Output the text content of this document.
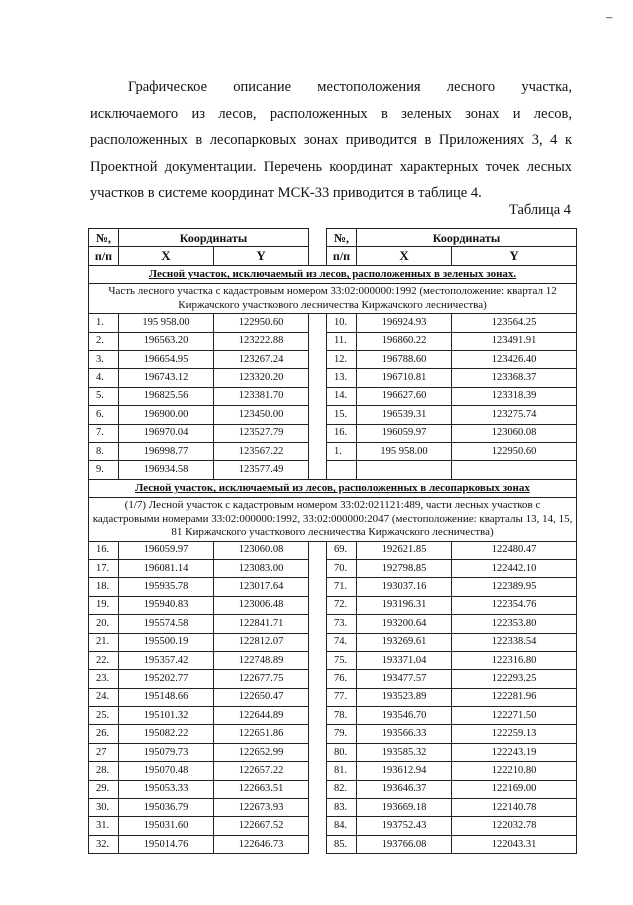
–

Графическое описание местоположения лесного участка, исключаемого из лесов, расположенных в зеленых зонах и лесов, расположенных в лесопарковых зонах приводится в Приложениях 3, 4 к Проектной документации. Перечень координат характерных точек лесных участков в системе координат МСК-33 приводится в таблице 4.

Таблица 4
№,	Координаты			№,	Координаты	
п/п	X	Y		п/п	X	Y
Лесной участок, исключаемый из лесов, расположенных в зеленых зонах.						
Часть лесного участка с кадастровым номером 33:02:000000:1992 (местоположение: квартал 12 Киржачского участкового лесничества Киржачского лесничества)						
1.	195 958.00	122950.60		10.	196924.93	123564.25
2.	196563.20	123222.88		11.	196860.22	123491.91
3.	196654.95	123267.24		12.	196788.60	123426.40
4.	196743.12	123320.20		13.	196710.81	123368.37
5.	196825.56	123381.70		14.	196627.60	123318.39
6.	196900.00	123450.00		15.	196539.31	123275.74
7.	196970.04	123527.79		16.	196059.97	123060.08
8.	196998.77	123567.22		1.	195 958.00	122950.60
9.	196934.58	123577.49				
Лесной участок, исключаемый из лесов, расположенных в лесопарковых зонах						
(1/7) Лесной участок с кадастровым номером 33:02:021121:489, части лесных участков с кадастровыми номерами 33:02:000000:1992, 33:02:000000:2047 (местоположение: кварталы 13, 14, 15, 81 Киржачского участкового лесничества Киржачского лесничества)						
16.	196059.97	123060.08		69.	192621.85	122480.47
17.	196081.14	123083.00		70.	192798.85	122442.10
18.	195935.78	123017.64		71.	193037.16	122389.95
19.	195940.83	123006.48		72.	193196.31	122354.76
20.	195574.58	122841.71		73.	193200.64	122353.80
21.	195500.19	122812.07		74.	193269.61	122338.54
22.	195357.42	122748.89		75.	193371.04	122316.80
23.	195202.77	122677.75		76.	193477.57	122293.25
24.	195148.66	122650.47		77.	193523.89	122281.96
25.	195101.32	122644.89		78.	193546.70	122271.50
26.	195082.22	122651.86		79.	193566.33	122259.13
27	195079.73	122652.99		80.	193585.32	122243.19
28.	195070.48	122657.22		81.	193612.94	122210.80
29.	195053.33	122663.51		82.	193646.37	122169.00
30.	195036.79	122673.93		83.	193669.18	122140.78
31.	195031.60	122667.52		84.	193752.43	122032.78
32.	195014.76	122646.73		85.	193766.08	122043.31
